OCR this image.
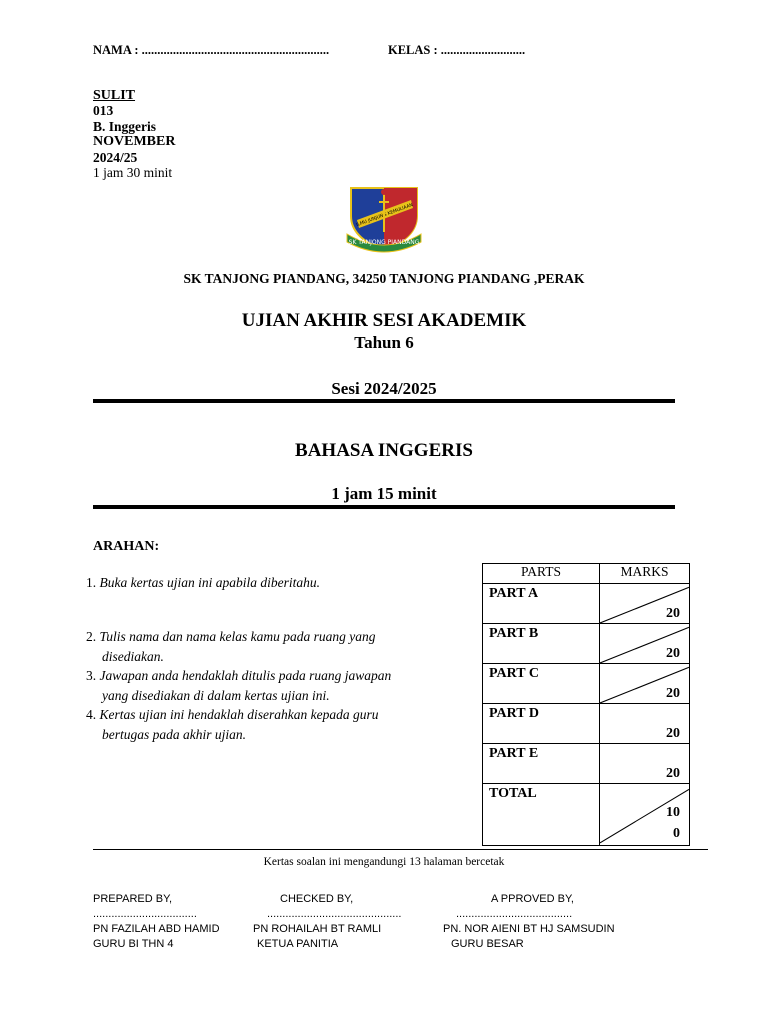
NAMA : ............................................................	KELAS : ...........................
SULIT
013
B. Inggeris
NOVEMBER
2024/25
1 jam 30 minit
ILMU JUNJUNG KEMULIAAN
SK TANJONG PIANDANG
SK TANJONG PIANDANG, 34250 TANJONG PIANDANG ,PERAK
UJIAN AKHIR SESI AKADEMIK
Tahun 6
Sesi 2024/2025
BAHASA INGGERIS
1 jam 15 minit
ARAHAN:
1. Buka kertas ujian ini apabila diberitahu.
2. Tulis nama dan nama kelas kamu pada ruang yang
disediakan.
3. Jawapan anda hendaklah ditulis pada ruang jawapan
yang disediakan di dalam kertas ujian ini.
4. Kertas ujian ini hendaklah diserahkan kepada guru
bertugas pada akhir ujian.
PARTS	MARKS
PART A	20

PART B	20

PART C	20

PART D	20

PART E	20

TOTAL	10
0
Kertas soalan ini mengandungi 13 halaman bercetak
PREPARED BY,
..................................
PN FAZILAH ABD HAMID
GURU BI THN 4
CHECKED BY,
............................................
PN ROHAILAH BT RAMLI
KETUA PANITIA
A PPROVED BY,
......................................
PN. NOR AIENI BT HJ SAMSUDIN
GURU BESAR
